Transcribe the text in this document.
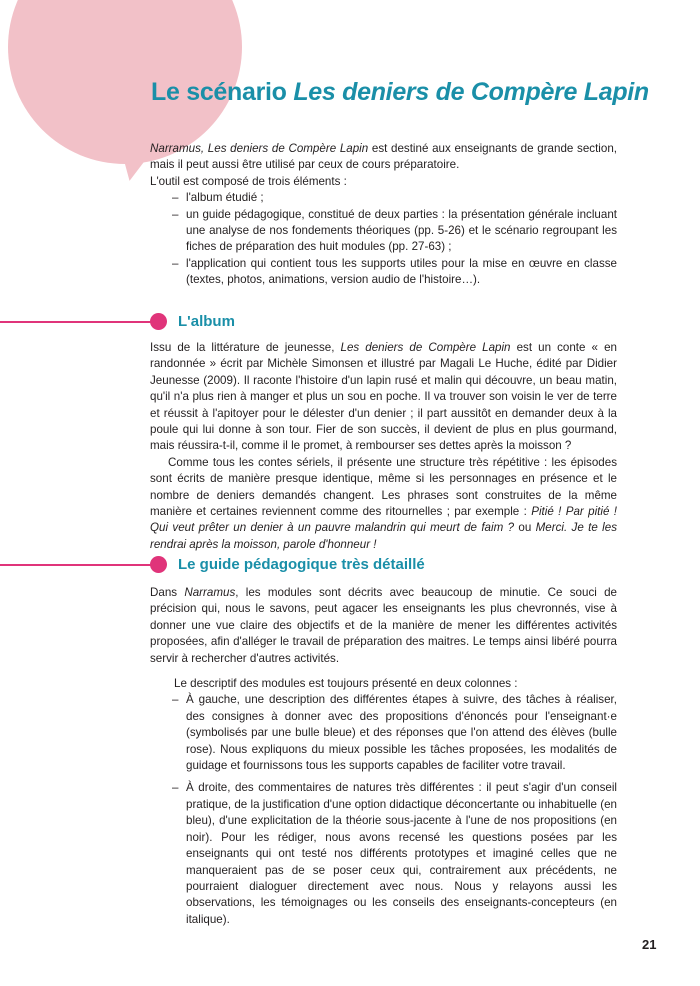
Le scénario Les deniers de Compère Lapin

Narramus, Les deniers de Compère Lapin est destiné aux enseignants de grande section, mais il peut aussi être utilisé par ceux de cours préparatoire.

L'outil est composé de trois éléments :

– l'album étudié ;
– un guide pédagogique, constitué de deux parties : la présentation générale incluant une analyse de nos fondements théoriques (pp. 5-26) et le scénario regroupant les fiches de préparation des huit modules (pp. 27-63) ;
– l'application qui contient tous les supports utiles pour la mise en œuvre en classe (textes, photos, animations, version audio de l'histoire…).
L'album

Issu de la littérature de jeunesse, Les deniers de Compère Lapin est un conte « en randonnée » écrit par Michèle Simonsen et illustré par Magali Le Huche, édité par Didier Jeunesse (2009). Il raconte l'histoire d'un lapin rusé et malin qui découvre, un beau matin, qu'il n'a plus rien à manger et plus un sou en poche. Il va trouver son voisin le ver de terre et réussit à l'apitoyer pour le délester d'un denier ; il part aussitôt en demander deux à la poule qui lui donne à son tour. Fier de son succès, il devient de plus en plus gourmand, mais réussira-t-il, comme il le promet, à rembourser ses dettes après la moisson ?

Comme tous les contes sériels, il présente une structure très répétitive : les épisodes sont écrits de manière presque identique, même si les personnages en présence et le nombre de deniers demandés changent. Les phrases sont construites de la même manière et certaines reviennent comme des ritournelles ; par exemple : Pitié ! Par pitié ! Qui veut prêter un denier à un pauvre malandrin qui meurt de faim ? ou Merci. Je te les rendrai après la moisson, parole d'honneur !

Le guide pédagogique très détaillé

Dans Narramus, les modules sont décrits avec beaucoup de minutie. Ce souci de précision qui, nous le savons, peut agacer les enseignants les plus chevronnés, vise à donner une vue claire des objectifs et de la manière de mener les différentes activités proposées, afin d'alléger le travail de préparation des maitres. Le temps ainsi libéré pourra servir à rechercher d'autres activités.

Le descriptif des modules est toujours présenté en deux colonnes :

– À gauche, une description des différentes étapes à suivre, des tâches à réaliser, des consignes à donner avec des propositions d'énoncés pour l'enseignant·e (symbolisés par une bulle bleue) et des réponses que l'on attend des élèves (bulle rose). Nous expliquons du mieux possible les tâches proposées, les modalités de guidage et fournissons tous les supports capables de faciliter votre travail.
– À droite, des commentaires de natures très différentes : il peut s'agir d'un conseil pratique, de la justification d'une option didactique déconcertante ou inhabituelle (en bleu), d'une explicitation de la théorie sous-jacente à l'une de nos propositions (en noir). Pour les rédiger, nous avons recensé les questions posées par les enseignants qui ont testé nos différents prototypes et imaginé celles que ne manqueraient pas de se poser ceux qui, contrairement aux précédents, ne pourraient dialoguer directement avec nous. Nous y relayons aussi les observations, les témoignages ou les conseils des enseignants-concepteurs (en italique).
21
